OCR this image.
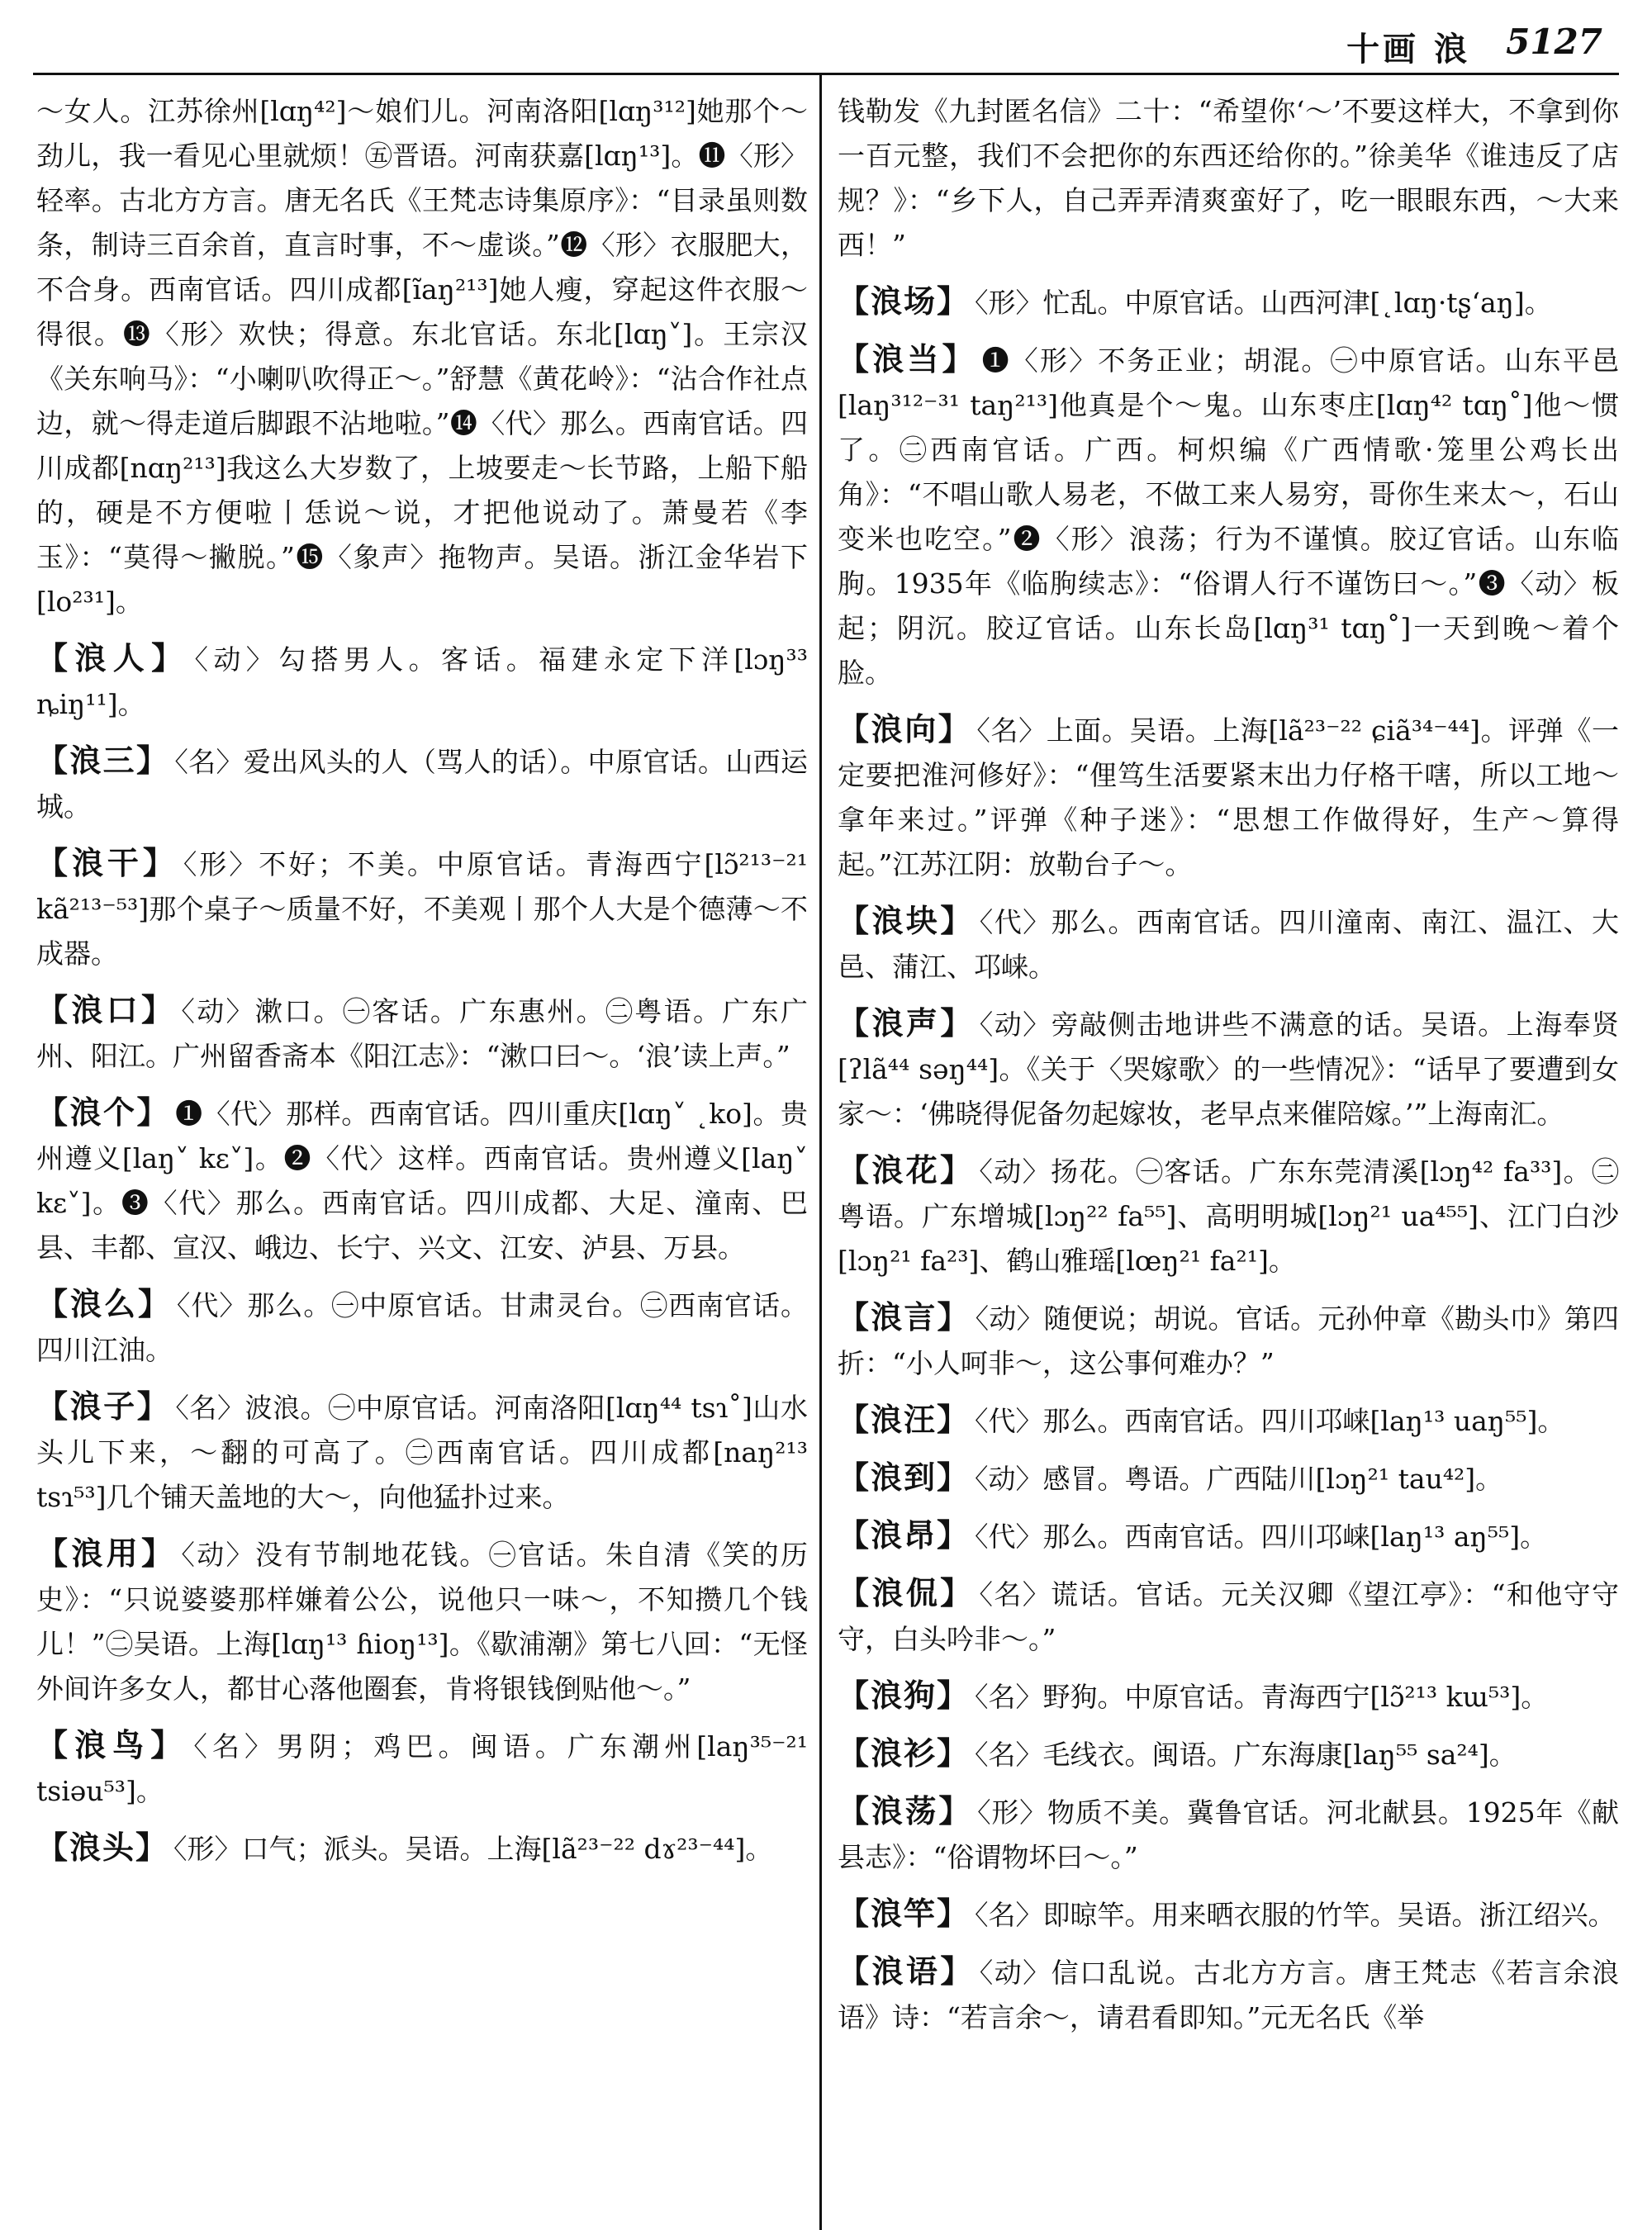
十画 浪 5127
～女人。江苏徐州[lɑŋ⁴²]～娘们儿。河南洛阳[lɑŋ³¹²]她那个～劲儿，我一看见心里就烦！㊄晋语。河南获嘉[lɑŋ¹³]。⓫〈形〉轻率。古北方方言。唐无名氏《王梵志诗集原序》：“目录虽则数条，制诗三百余首，直言时事，不～虚谈。”⓬〈形〉衣服肥大，不合身。西南官话。四川成都[ĩaŋ²¹³]她人瘦，穿起这件衣服～得很。⓭〈形〉欢快；得意。东北官话。东北[lɑŋ˅]。王宗汉《关东响马》：“小喇叭吹得正～。”舒慧《黄花岭》：“沾合作社点边，就～得走道后脚跟不沾地啦。”⓮〈代〉那么。西南官话。四川成都[nɑŋ²¹³]我这么大岁数了，上坡要走～长节路，上船下船的，硬是不方便啦丨恁说～说，才把他说动了。萧曼若《李玉》：“莫得～撇脱。”⓯〈象声〉拖物声。吴语。浙江金华岩下[lo²³¹]。

【浪人】 〈动〉勾搭男人。客话。福建永定下洋[lɔŋ³³ ȵiŋ¹¹]。

【浪三】 〈名〉爱出风头的人（骂人的话）。中原官话。山西运城。

【浪干】 〈形〉不好；不美。中原官话。青海西宁[lɔ̃²¹³⁻²¹ kã²¹³⁻⁵³]那个桌子～质量不好，不美观丨那个人大是个德薄～不成器。

【浪口】 〈动〉漱口。㊀客话。广东惠州。㊁粤语。广东广州、阳江。广州留香斋本《阳江志》：“漱口曰～。‘浪’读上声。”

【浪个】 ❶〈代〉那样。西南官话。四川重庆[lɑŋ˅ ˛ko]。贵州遵义[laŋ˅ kɛ˅]。❷〈代〉这样。西南官话。贵州遵义[laŋ˅ kɛ˅]。❸〈代〉那么。西南官话。四川成都、大足、潼南、巴县、丰都、宣汉、峨边、长宁、兴文、江安、泸县、万县。

【浪么】 〈代〉那么。㊀中原官话。甘肃灵台。㊁西南官话。四川江油。

【浪子】 〈名〉波浪。㊀中原官话。河南洛阳[lɑŋ⁴⁴ tsɿ˚]山水头儿下来，～翻的可高了。㊁西南官话。四川成都[naŋ²¹³ tsɿ⁵³]几个铺天盖地的大～，向他猛扑过来。

【浪用】 〈动〉没有节制地花钱。㊀官话。朱自清《笑的历史》：“只说婆婆那样嫌着公公，说他只一味～，不知攒几个钱儿！”㊁吴语。上海[lɑŋ¹³ ɦioŋ¹³]。《歇浦潮》第七八回：“无怪外间许多女人，都甘心落他圈套，肯将银钱倒贴他～。”

【浪鸟】 〈名〉男阴；鸡巴。闽语。广东潮州[laŋ³⁵⁻²¹ tsiəu⁵³]。

【浪头】 〈形〉口气；派头。吴语。上海[lã²³⁻²² dɤ²³⁻⁴⁴]。

钱勒发《九封匿名信》二十：“希望你‘～’不要这样大，不拿到你一百元整，我们不会把你的东西还给你的。”徐美华《谁违反了店规？》：“乡下人，自己弄弄清爽蛮好了，吃一眼眼东西，～大来西！”

【浪场】 〈形〉忙乱。中原官话。山西河津[˛lɑŋ·tʂʻaŋ]。

【浪当】 ❶〈形〉不务正业；胡混。㊀中原官话。山东平邑[laŋ³¹²⁻³¹ taŋ²¹³]他真是个～鬼。山东枣庄[lɑŋ⁴² tɑŋ˚]他～惯了。㊁西南官话。广西。柯炽编《广西情歌·笼里公鸡长出角》：“不唱山歌人易老，不做工来人易穷，哥你生来太～，石山变米也吃空。”❷〈形〉浪荡；行为不谨慎。胶辽官话。山东临朐。1935年《临朐续志》：“俗谓人行不谨饬曰～。”❸〈动〉板起；阴沉。胶辽官话。山东长岛[lɑŋ³¹ tɑŋ˚]一天到晚～着个脸。

【浪向】 〈名〉上面。吴语。上海[lã²³⁻²² ɕiã³⁴⁻⁴⁴]。评弹《一定要把淮河修好》：“俚笃生活要紧末出力仔格干嗐，所以工地～拿年来过。”评弹《种子迷》：“思想工作做得好，生产～算得起。”江苏江阴：放勒台子～。

【浪块】 〈代〉那么。西南官话。四川潼南、南江、温江、大邑、蒲江、邛崃。

【浪声】 〈动〉旁敲侧击地讲些不满意的话。吴语。上海奉贤[ʔlã⁴⁴ səŋ⁴⁴]。《关于〈哭嫁歌〉的一些情况》：“话早了要遭到女家～：‘佛晓得伲备勿起嫁妆，老早点来催陪嫁。’”上海南汇。

【浪花】 〈动〉扬花。㊀客话。广东东莞清溪[lɔŋ⁴² fa³³]。㊁粤语。广东增城[lɔŋ²² fa⁵⁵]、高明明城[lɔŋ²¹ ua⁴⁵⁵]、江门白沙[lɔŋ²¹ fa²³]、鹤山雅瑶[lœŋ²¹ fa²¹]。

【浪言】 〈动〉随便说；胡说。官话。元孙仲章《勘头巾》第四折：“小人呵非～，这公事何难办？”

【浪汪】 〈代〉那么。西南官话。四川邛崃[laŋ¹³ uaŋ⁵⁵]。

【浪到】 〈动〉感冒。粤语。广西陆川[lɔŋ²¹ tau⁴²]。

【浪昂】 〈代〉那么。西南官话。四川邛崃[laŋ¹³ aŋ⁵⁵]。

【浪侃】 〈名〉谎话。官话。元关汉卿《望江亭》：“和他守守守，白头吟非～。”

【浪狗】 〈名〉野狗。中原官话。青海西宁[lɔ̃²¹³ kɯ⁵³]。

【浪衫】 〈名〉毛线衣。闽语。广东海康[laŋ⁵⁵ sa²⁴]。

【浪荡】 〈形〉物质不美。冀鲁官话。河北献县。1925年《献县志》：“俗谓物坏曰～。”

【浪竿】 〈名〉即晾竿。用来晒衣服的竹竿。吴语。浙江绍兴。

【浪语】 〈动〉信口乱说。古北方方言。唐王梵志《若言余浪语》诗：“若言余～，请君看即知。”元无名氏《举
